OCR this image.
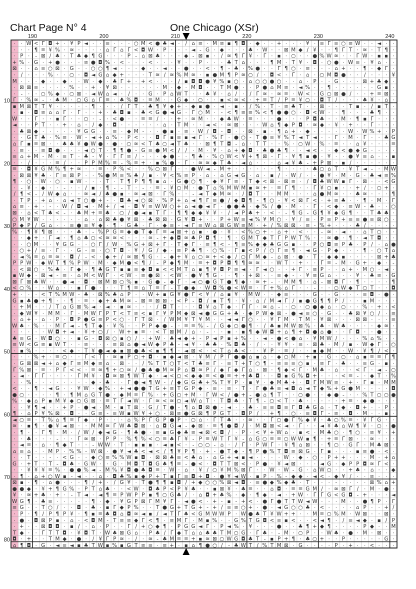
Chart Page N° 4	One Chicago (XSr)
· · W < Γ ◘ + · ¥ P ◄ · · ≡ · · · ○ M < ● ♣ ◄ · / ⌂ ≅ · M ≅ ▪ ¶ ◘ · ◆ · · + · · · ¥ · ≡ Γ ≡ ○ ≅ W · · ◄ · ·
· · · ¶ ≡ ¥ % · ≅ · · · · ⌂ Γ ⌂ Γ < ◘ W · P · · · ◄ - G · ◆ · · · ♣ · W · · ⊠ M ◆ / ¥ · · ¶ Γ T · ≅ · T ¶ ·
· P · - ⊠ / ♣ · T ♣ ◆ ¶ G · · · P - ⌂ ⊠ ♣ · · · ◆ - ⊠ ▪ · / ≅ ¶ Γ ¥ · Γ · ▪ · ○ · · ● % W ≅ · · Γ W · ▪ ▪ ·
+ % · G · + ● · · · ≅ ● ◘ % · < · · · < · · · ¥ · · P · · · ♣ T ⌂ · · · ¶ M · T ¥ · ◘ · ○ ● · W ≡ · ¥ ⌂ · ·
⊠ · · ⌂ ≡ ○ ⊠ · G · · ○ ○ ¶ ◄ · · · ◆ · · ◄ · · ● · · < · ¶ - ♣ · % ● · · Γ ¶ ○ · ≅ · · · ⌂ + · · ¶ · ◆ Γ ·
· / · · · % · · ○ · ◘ ◄ G ⌂ ◆ + · · · T ≅ / ≅ % M ≅ · ▪ ● M ¶ P ≅ ○ / · ◘ < · Γ · ⌂ · ○ M ◘ ● · · / · · · ¥
M · · · ◆ · · ◆ · · W · ◆ · ♣ Γ + · + < · · · / ▪ ◘ ◘ ● ¥ % ▪ ○ · ⌂ ○ ○ ● ○ · · ⌂ · P · · G · · · ⊠ + ♣ ◆ ·
· ⊠ ⊠ ≡ · · · · % · · + · ¥ ⊠ · · · · · · M · ◆ · M ◘ · · T M ● · · P ● ⌂ M ≅ · ◄ % · · ¶ · · · · · · G ▪ ·
· - · · ○ % ◆ · ○ ⊠ · ◄ W ⌂ ◄ · / · · G · P ⌂ W T · · ♣ ¥ · ⌂ / · / Γ ≅ · ≅ ≡ · W < · G ○ ⊠ ● / · · + ≡ ⊠ ·
Γ · % ≅ - · ♣ M · ○ G ⌂ Γ ≡ · ♣ % ◘ · ≡ M · · G ◆ · ○ · · ▪ < ≅ < · + ≡ T / P ≡ ¥ ○ · ◘ T / · · · ♣ ¥ · ⌂ ·
▪ M ⊠ T T ¥ · · · · · ¶ · · · / Γ T · ♣ ¶ ¥ ◆ + · ◆ ▪ ● · ◄ · ▪ · / % · T · ≅ ♣ T · · ⊠ · · · T ▪ · / ▪ T ·
· ▪ · ◘ ≅ ⌂ ⌂ Γ · Γ · · + · ♣ ◘ ▪ · ♣ < G ● ◄ G · Γ ○ M · - < ¶ ≅ ≅ % < ¶ ● ● ○ · ◘ < W · · ¶ · · · ♣ ¶ · ·
W · · Γ · · ▪ Γ · · ○ · - · < ● · · ≡ ≡ / · · + · ≅ M · · ◆ ♣ W · ≡ · · · ● · · · P ◘ ♣ · · M · ¶ ▪ Γ · · ·
◄ · · P T · · + · ⌂ · / ◆ · ◘ · · · · · · ⌂ · T M · · ◄ < · ≅ ⊠ · · · W ⌂ ¶ ◆ P ◘ · ≅ ◆ · ¥ · + · · Γ · · ·
· ♣ ⊠ ◆ · · · · · ¥ G G · · ≅ · ◆ M - · · ● ▪ · ≅ · W / ◘ - ◘ · · ⊠ · ▪ · ¶ ⌂ + · ◆ · · · · · W · W % + · P
· · G T ♣ · % ≅ · W - ◄ + ⌂ % · P < · · ◘ Γ ▪ ≡ ▪ ◄ Γ · % Γ · ● ○ - T ● ≡ ¥ % T ◄ T ◄ · · Γ · M · Γ · · ♣ G
⌂ Γ ▪ ≡ ⊠ · · ♣ ♣ ¥ ● W ● · ● · ○ ≅ < T ♣ ○ ◄ T ♣ · · ⊠ ¶ T ◘ - ⌂ · T T · · % · ○ W · % · ≡ · · ⌂ ¥ · · · ≡
· ≅ · · ≅ ◘ ● · · · ◄ ○ T · ¶ ¶ ● - G ≡ ● M < / / · M · ¥ · ⌂ + ◆ ◘ · ♣ ● ♣ ¶ · · ◄ < · · ◆ < ● ◆ G · · · ·
≡ ⌂ + M - M · ≡ T · ♣ - ¥ · Γ Γ ≅ / - · · ◆ ● · · ¶ ♣ · % ○ W < ¥ + ¶ ⊠ - Γ · ¥ ¶ ▪ ● · ¥ · · ● ¥ ≡ ⌂ · · ▪
· · / · · · ≡ / · · P P M % ≡ - % ≡ + · ▪ % ● · Γ · ≅ ≅ ◆ T ♣ · ◄ ⌂ · · · ⌂ ◄ ¥ ♣ - + P ⊠ · ▪ / · · · · · ·
≡ · ◘ ¥ G M % ¶ + ≅ · · ≡ · P % < · · % ○ ⊠ Γ · · ● W ◄ - M + · · · · · · ¶ · · · · ♣ ○ ⌂ T · ¥ T ◄ - · M W
· ⊠ ⊠ ¥ ♣ · Γ ≡ ⊠ P · · % ● M ≡ % ♣ / ▪ · ¥ < % ≅ P · ⌂ · ⌂ G ◄ G · ⌂ · ▪ / · W / · · ● ¥ · M · G · ♣ ◄ ≅ %
¶ · ○ · W · ○ · ▪ W · · · T · T ¶ P ¶ ¶ ▪ ⌂ · G ● ○ ¶ · ◆ ¥ Γ ≅ · T ◆ < ⊠ - ⊠ ≅ · / ◘ ♣ W W ▪ Γ · ⊠ · · < G
· - ¥ · ◆ · · - · · / ▪ · ¶ - - T · - · ≡ - ¥ ○ M · ● T ⌂ % M W M ▪ ≅ + · ≡ Γ ¶ · · Γ ¥ ○ ▪ · · + / · ○ + ·
/ ¶ < - / W ◆ ⌂ · · ≅ ◄ / ♣ ● ▪ · ≅ ◄ ⊠ · Γ % · · - ◄ T ◆ M ≅ · / ◘ T · · M M · · · ⌂ ● M ≅ · · ♣ ≅ · · · ¶
· T P · + ⌂ · ⌂ ◄ T ○ ● + - · ◘ ♣ ◄ ○ ⊠ · % P + ⌂ ◄ ¶ Γ ≅ ● / ◆ ◘ ¶ - ¶ ○ - ¥ < ⊠ Γ < · + ≅ ♣ · · ¶ · M · Γ
⌂ ≅ · + · - · W / ◘ ◄ · M + / ◄ · ◘ ¥ ≅ W W ○ + ⌂ ◄ ● ◄ Γ · ● ● ♣ · ◆ % / ● · M · · Γ · < ◆ · ≅ W - ♣ · · ○
⊠ · ⌂ < T ♣ < - · ♣ M + ≡ ♣ · ○ / ● ◄ ▪ T Γ · ¶ ¶ ◆ ◆ ¥ ¥ · / ◄ P ♣ + · < · - ¶ G - G ¶ ¥ ◆ G ¶ · · T ♣ ♣ ·
○ M ¥ W · · · · · · ⌂ · ⌂ ⊠ ♣ ● ¥ ⊠ · ♣ ⊠ ⊠ · G ¥ ◘ + · · P + W ≡ ◄ % ¥ M ○ · ¥ / ≡ · P ≡ P + ≡ ≡ ● ≡ ⊠ ○ ·
P ◆ P / G ⌂ · · ≡ ● ≡ ¥ ◆ · ¶ · G ♣ · Γ · ◆ ≡ - ◄ Γ ≡ W ⌂ ⊠ G W ≅ M · + / % ⊠ ⊠ · ≅ - % + · · · ♣ / · · · ·
% · ¶ ¥ ¶ ⊠ · · · ♣ · - % P G ≡ ◆ ● T ◆ Γ ≡ ◄ ⊠ + ⌂ ▪ · ● · ¥ · < % ○ + · ⌂ + · < · · - ≅ · ◄ · · ⌂ T ○ · ·
· · ◆ + · Γ ◄ · ¶ ⌂ ♣ ○ < ≅ ≅ < · · · ≅ - + ◆ ◘ ≅ ♣ P ◘ ¶ · ¶ · G M T ◆ T Γ P W T % · · ≅ ● · ¶ · ◄ T ◘ · ·
· · ○ M · · ¥ G G · · ○ Γ / W · % G + ⊠ + Γ · T ◆ Γ · ≅ ¶ < - ¶ ≡ % ◆ ◆ ♣ G G ▪ · · P ○ ◘ ≅ P ♣ · P / · ⌂ ●
· ○ + / ≡ · Γ · · G - ≡ · ○ T ◘ · ¥ / G / ◆ · ≅ P ♣ ¶ · ○ % · Γ ▪ < P / ○ Γ ≅ ¶ · ◄ G · P ◆ · · · ¶ · ○ T ⌂
· ◄ % ≡ ⌂ ≡ ≅ · ◘ / - < · ◆ + / ≅ ⊠ ¶ G · - ◆ + ¥ ⌂ ○ ≅ + < ◆ / ○ Γ M ◆ - ⌂ ⊠ · ● · T · ◆ ◆ ▪ · · · · ⊠ + ♣
P P W · ◆ W T ¶ % P W · M · ◆ M ● < ¶ / - P ◆ ¶ M · ≡ + ◘ P ◘ ¶ ¶ ≅ ≅ · · W T · + · · Γ ≡ - M · G + · ◆ · -
· < ⊠ ○ · % ♣ · Γ ◆ · ¶ ♣ G T ▪ ▪ ≡ ◆ ◘ ▪ < < M T ⌂ ▪ ¶ ¥ ◘ P ≅ ◄ · Γ ◄ ○ · · + Γ · ≅ P · · ⌂ + · M ○ · ◄ ·
▪ W ◆ · ⊠ ◄ - ≅ · ⌂ M < W Γ · < W · ≅ ● ⊠ · < W · ● ¥ ¶ G · · ¶ · + ⊠ · · ≡ ◆ - · ¥ ≅ G ⌂ · · · ¥ · ♣ ≅ · G
⊠ Γ ⊠ ♣ W · · ● ◄ · ◘ · ⊠ M ⊠ ○ % ▪ · G ● - ◆ Γ · ◄ ○ ● G T ● ¶ ◆ · ≅ + - · M M ¶ · ⌂ - ⊠ ◘ Γ · ¶ · · · · ¶
< ○ % · · W ⌂ · · ▪ Γ ● · · · T ¶ ≡ ⌂ T ≡ Γ - T ● ◆ · W ◘ % ● < W ≡ · Γ + % ⌂ Γ · · - · · ○ W ◆ T ○ T · · ◘
+ · · · < T % M W - ♣ · ⊠ % ♣ ⌂ P · · W + ▪ G ¥ ● Γ < ¥ / ⌂ ▪ ¥ · M W · · ◆ ≡ · · · G · · G · · · ≡ ◘ · ● ·
G ▪ ♣ ● + ¶ · · ¶ · ≡ · ◆ + ♣ M ≅ - ⊠ ≡ ⊠ ⊠ · < P - ◘ / ▪ T ¶ · ¥ · ⌂ / M ◄ Γ / ▪ ● G ¶ ¶ P / · · ▪ M · · ·
· + M · · / T ⌂ G ⊠ % ◄ · ◄ · ▪ ≅ · · · / ◘ T · · · ◘ ¥ ⌂ T ◆ · Γ Γ · ≅ ⌂ - · ○ · ○ ● ◆ ⌂ · ○ · · % · + · <
· ◆ W ¥ · M M · Γ · M W Γ P T < T ≅ < ▪ Γ ¥ P M ◆ ⊠ ◄ ● G G + ♣ · ◆ P W ◆ ⊠ - ● ◄ ≡ ○ · G · · ♣ ⊠ ¥ ○ / · ≅
· ⌂ + · ⌂ · P · ◘ P ● G ≅ P < ○ · Γ T ⊠ · / W M ¥ T ¥ M · · ◄ ◄ Γ ○ · · ¥ Γ M · T M · ¥ ⊠ · · · ⊠ ⊠ · · · ≡
W ♣ · % · · M Γ ◄ - ¶ T ◆ · ¥ % · · P P ◆ ● - · ≡ ≡ % - / G ◆ ○ ● ¶ · / ♣ ▪ M W ⊠ % · ♣ · W ♣ · · · · ◆ ≅ ·
· · · · · W ◘ + ◄ · ¥ + ○ / · W + ▪ ≡ · < T ⊠ M / ⌂ · - · · ▪ · ▪ ¶ ◆ W ◘ + ⌂ ¶ + ◘ ● ⌂ ● · · Γ ◘ · · ● · ·
♣ ≡ G · W ◘ ○ · · ▪ G - ◘ ⊠ ○ ▪ ○ / · + W · ♣ ◄ ◆ + - P ◄ P ▪ + % · · ◄ - ● < ● ⌂ · ¥ M W / · · · % ⌂ % · ·
≅ W < G ≅ ▪ W T · · ≅ · · · ≅ ⊠ ⌂ ● ◄ W ◆ P ♣ - ◄ ¥ · ♣ ♣ · % ◘ ♣ · / · · ¥ ¥ · ≡ · ⊠ ♣ · M / ▪ · W ◆ Γ · ○
· ▪ % · · · · < ◆ · T ¥ ● ◄ ◆ ▪ ⊠ ● ♣ < ▪ ¶ ¶ · ◄ ⊠ < · < T ⌂ ♣ < · · ¥ P · ≡ / · · ▪ ◆ M · · W · ¥ ¶ / < ·
· · · % + · ≡ ○ · · Γ < T · ≅ ▪ P ○ + ◘ · ▪ ◆ ◄ ⊠ · ¥ M / P Γ ● ● ⌂ ▪ ⌂ · ◆ ○ M · + ▪ · G · ○ · ⌂ ▪ ≡ ≡ Γ ¶
· G ⊠ ⊠ ◄ + ⌂ ◆ Γ ≅ M ◆ ≅ ⌂ · ⊠ · · / % T T ○ T < T ♣ ≅ Γ · ≡ T + T ○ ¶ - ≅ ≡ ≡ ○ ▪ · ≅ Γ · ♣ · · ≡ G · ▪ ·
Γ % ⊠ · ≡ · P Γ < < · ≡ ≅ ¶ + ○ ≅ / ● ♣ ● M ≅ P ⌂ ◘ ≅ P / ◆ Γ ◆ Γ ⌂ · ⊠ · ¶ ◆ < Γ · M ♣ · ⌂ · · < Γ · ◄ - ○
- ◄ · Γ Γ · · · · Γ M ¥ · ◘ ≅ ⊠ ¶ W T ◆ · ◄ < ○ < ◆ ◆ ≡ < ● ≡ + + ♣ ◘ · · ◘ ▪ G % ◘ + · · · < ≡ - · ◆ T · %
· · % · · · · · · · · ◆ - ♣ · · Γ ● ◄ ¶ W - / ◆ G G ♣ + % T ¥ P · ▪ ¥ · ◆ M ♣ + · ◘ Γ M W ≅ · + · Γ ▪ · M M
< · · ¶ · ◄ G · · ¥ W · ◆ % · + ◄ ● ● T G + ≅ T G P ◆ · ≡ · ≅ · T · Γ ● ♣ ≡ ◄ ◘ ⌂ ◄ T ◆ % + G ● M · · · · ◘
● ○ · · · · ¶ · ¶ M ⌂ G T ● · ◆ M ≡ Γ % · + G ○ + M · Γ W < / ● + - ● ⌂ ¶ T · · ○ ● · · ◆ ● - · · % T ○ ○ ●
% · ◆ ⌂ P ▪ M ¥ ◆ ○ G ⊠ · ≡ T Γ ◄ W · Γ ≅ < ≅ ○ ◄ W ⌂ T · T ◘ ♣ · T ¶ - ○ < T · ♣ · · · · · + ≡ · ◆ ● · · ·
· · ¥ ¶ ◄ · · + P · ● ◄ · M - ▪ T ⊠ · G / T ● - ¶ ⌂ ◘ ⊠ ● - ◄ · · ♣ · ≡ ≡ ◘ ≡ Γ ◘ ♣ G ⌂ · T ◆ · ◘ + · · P ·
¶ · ⌂ P ¥ % ⊠ · ◘ · · G ≅ - ≡ W ▪ W ¥ + ○ - ⊠ ≅ ● G ⊠ ¶ P G T · ◘ P / · + ¶ · ○ · ≡ ◘ Γ - ≅ · ◘ · M · · ▪ ·
◄ ○ ≡ · T % ⌂ ¶ ≡ Γ ◆ · P · · · ⌂ % P Γ G P ● P · ○ ⌂ · Γ T ♣ · · ≅ · · Γ ○ ● Γ % ◆ ¥ · ♣ ○ % ≡ · ¥ Γ G · ·
≅ · ▪ ¶ · ● ¥ ◄ ⊠ · · M M ≅ Γ W ♣ ◘ ⊠ · ⌂ ◘ G ◄ - ◆ ⊠ · ≡ ¶ ● ◘ / · M ◘ ⊠ < ◄ · Γ · · ◄ ¥ ♣ ⌂ W ¶ ¥ · ○ · ●
· ¶ · · Γ ¶ · M · / W / ◆ ◄ G · ¶ ♣ ● · ≅ ▪ G ◆ ♣ ≅ ◄ ⊠ < ◘ / · P · < ¥ + W ⌂ · ▪ < · M ♣ ○ · ¶ ○ · ≅ ¥ · +
· · ♣ · · · - · · Γ ≅ ⊠ · P P · % ¶ % < ○ ≡ ♣ Γ ¥ - P ≡ W T Γ ¥ - ⌂ G ○ ≡ ≡ ○ W W ▪ ¶ · + ≡ Γ ⊠ · · ≅ · · ·
· ◄ ≡ · ⌂ · ¶ ◆ T · · - W W · T · ▪ ▪ ▪ · ◄ ▪ < · - ○ ○ - ⌂ · / Γ · P W Γ · ¥ ¶ ⌂ ⊠ · · ¶ ○ · G Γ · M ♣ ⊠ ·
⌂ ≡ ⌂ · · M P · % % - W ⊠ · ● ¥ ◄ ♣ < ◄ < / ¶ ¥ P ¶ · + - ● T ◆ - ¶ P ● % T ◘ ≅ ⊠ G · Γ ▪ · · · ▪ ≅ ● · < ·
· · T · · - · < G · · ◆ ○ ≅ % % W ▪ ◘ · ⊠ ⊠ ♣ ≡ < ♣ ⌂ · ⌂ G + ◄ ▪ ◄ · · · · W · ◆ · ○ · P + + · · · M · + ⌂
G · + T · T - ◘ ♣ · G W · · G · M ◘ T ◘ G ♣ ¶ ≡ - ● < · ◘ T T ⊠ < · P ● · ¥ ◄ ⊠ · · · ◄ G · ◆ P P ◘ ≅ Γ < ·
· · ¥ ¥ ¥ ≡ % · ● ● % ◄ - M % ¥ ◘ ● ♣ ◘ ≡ · W · ⌂ · ¥ / ○ ¥ M % ⊠ Γ · · W · W - G · ⌂ W ○ · · + ♣ · ⌂ · · ◆
· ¶ · ⌂ + ○ W ▪ - ◄ · · ⌂ · ◘ ♣ % ▪ ◆ P + T ▪ Γ ≡ ◘ + ◘ · ● ¥ ◄ W · ▪ P · % - ◆ ◆ · ◄ < · ◆ ¥ / · · ≅ · · ·
⊠ ▪ · ¶ · ⌂ ● · · · ¶ / + · / G ¥ · T ● ¶ ¶ ▪ ◘ / + ◆ ○ ○ % ⊠ ◄ ◘ · ≡ ● ◆ % ◆ ♣ · T · · · - · · · · ⊠ % ⌂ +
● ● ◆ · ¥ + ¶ G % · P T ⌂ ♣ · · < W · ◘ ♣ P < P ¥ ♣ · · ▪ ⊠ ¥ · ♣ ≡ · · ⌂ ◘ · ≡ ≡ G M / · ≅ ⊠ Γ / · M · ● ·
¥ · ≅ + ♣ · + · - T ◄ · ◄ ¶ ≡ P W P P ▪ ¶ ○ G ♣ / · ⌂ ◘ + ♣ % · ◆ · ¶ ◆ · ◄ · + W · Γ Γ G < G ◘ - + · · · ◄
W G ¶ · ♣ ≡ · · · · · ¶ · ◆ · ¥ G P ⊠ Γ M ¥ Γ · ◄ ● < · + - ▪ - + < · ● Γ ● T T W ◄ W · · · M · · ● ¶ P · Γ
≅ G · · T ○ / · · ◘ · ♣ · ▪ Γ ◆ P % · · T ● G + T G + - + / ≡ ≅ ○ + · ● · ◄ G ○ ○ ♣ · < · · · · ⌂ P · · + /
· P · ¶ / P ¶ P ¥ · ¶ ▪ ≡ ♣ ◘ ⌂ ◘ ≅ ◄ ▪ / ◄ T Γ ♣ < G M W W P · W ● ♣ T ¥ W + + · · M ≡ ○ % M · W ⊠ · · ⊠ ·
· ● · ◘ ⊠ P ▪ · ⌂ · < ◘ M - T ≅ ≅ ◆ Γ < ¶ · ≅ M Γ · M ▪ % · · G % T G ◘ < ≡ ▪ < · · < ◄ ¶ · / ≡ ◄ ◆ · ▪ / P
· + · · ⊠ ◘ ◘ · ▪ / · ⌂ · P · · Γ / + ○ ◆ ¶ · P G G ◄ Γ · P ◄ % · ¥ · · · ● · · ♣ ¶ + ◆ ¶ · · · · P ◆ · · M
T ◆ · · Γ T T ◘ · ¥ ◘ T · W ♣ ⊠ G ⌂ · P ♣ / Γ ◆ T ⌂ ⌂ ♣ ♣ T M ○ G · Γ ♣ · - M · ○ P · · W ♣ · ● · M · ⊠ · ·
◘ · + · · T M ◆ · ● · / ¥ Γ P ≅ · / · ≅ - ♣ M ≡ ≡ + ▪ ≅ ⊠ ○ W G ◘ ♣ T - ▪ P + ¶ · ♣ ○ + · · P · · · · · G ·
⌂ ¶ ◘ · G · ◄ ≡ ◄ ▪ ♣ T W ▪ % ▪ G T ≅ ≡ · ≅ + · ▪ ⌂ ¶ ● ○ / - ♣ W T / % T M ⊠ · G · · · · P · + · · < · · ·
190	200	210	220	230	240
10
20
30
40
50
60
70
80
